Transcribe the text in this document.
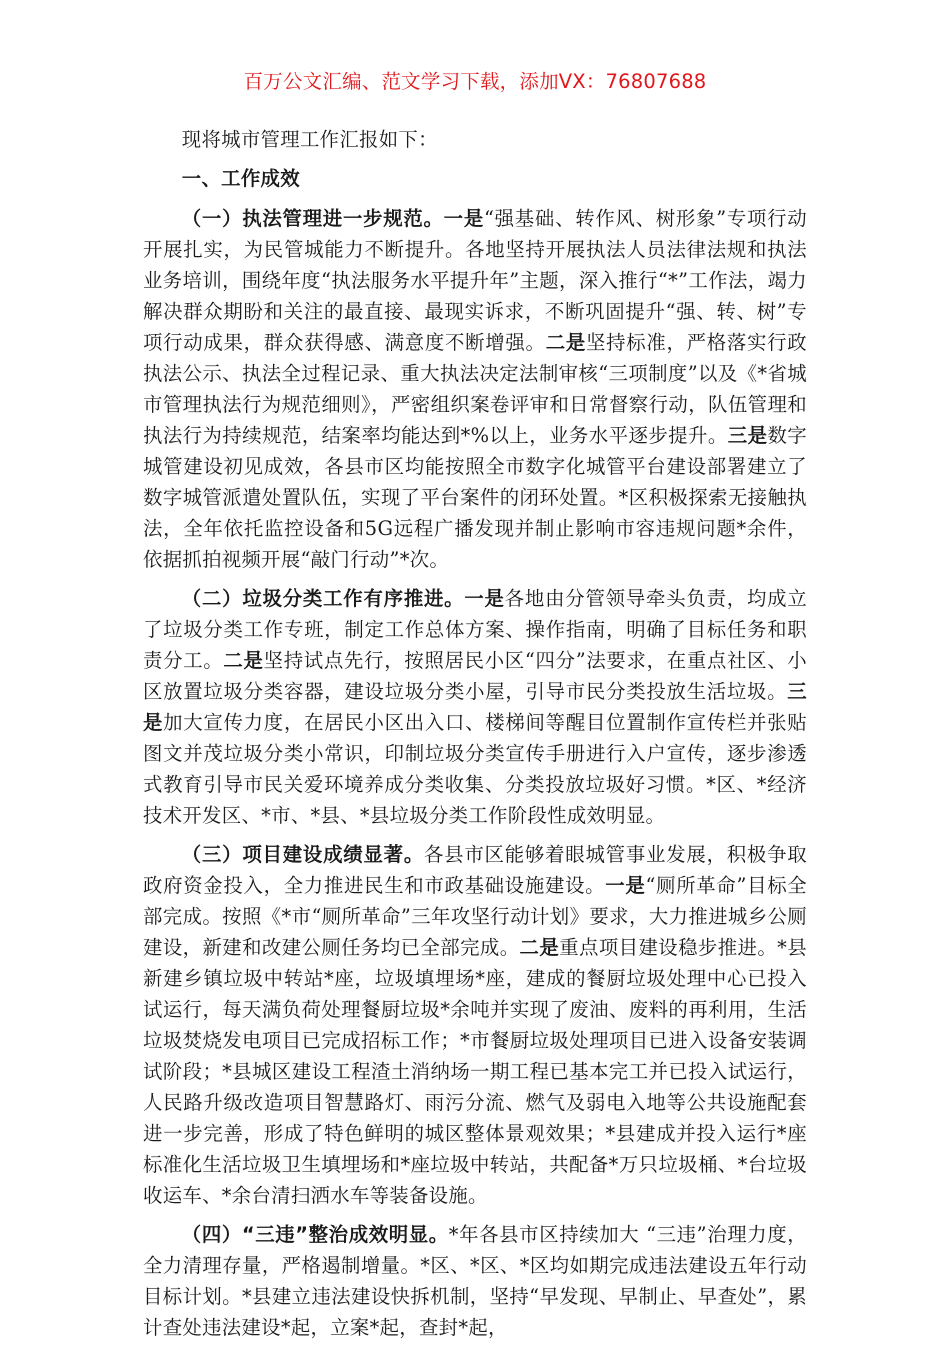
百万公文汇编、范文学习下载，添加VX：76807688

现将城市管理工作汇报如下：

一、工作成效

（一）执法管理进一步规范。一是“强基础、转作风、树形象”专项行动开展扎实，为民管城能力不断提升。各地坚持开展执法人员法律法规和执法业务培训，围绕年度“执法服务水平提升年”主题，深入推行“*”工作法，竭力解决群众期盼和关注的最直接、最现实诉求，不断巩固提升“强、转、树”专项行动成果，群众获得感、满意度不断增强。二是坚持标准，严格落实行政执法公示、执法全过程记录、重大执法决定法制审核“三项制度”以及《*省城市管理执法行为规范细则》，严密组织案卷评审和日常督察行动，队伍管理和执法行为持续规范，结案率均能达到*%以上，业务水平逐步提升。三是数字城管建设初见成效，各县市区均能按照全市数字化城管平台建设部署建立了数字城管派遣处置队伍，实现了平台案件的闭环处置。*区积极探索无接触执法，全年依托监控设备和5G远程广播发现并制止影响市容违规问题*余件，依据抓拍视频开展“敲门行动”*次。

（二）垃圾分类工作有序推进。一是各地由分管领导牵头负责，均成立了垃圾分类工作专班，制定工作总体方案、操作指南，明确了目标任务和职责分工。二是坚持试点先行，按照居民小区“四分”法要求，在重点社区、小区放置垃圾分类容器，建设垃圾分类小屋，引导市民分类投放生活垃圾。三是加大宣传力度，在居民小区出入口、楼梯间等醒目位置制作宣传栏并张贴图文并茂垃圾分类小常识，印制垃圾分类宣传手册进行入户宣传，逐步渗透式教育引导市民关爱环境养成分类收集、分类投放垃圾好习惯。*区、*经济技术开发区、*市、*县、*县垃圾分类工作阶段性成效明显。

（三）项目建设成绩显著。各县市区能够着眼城管事业发展，积极争取政府资金投入，全力推进民生和市政基础设施建设。一是“厕所革命”目标全部完成。按照《*市“厕所革命”三年攻坚行动计划》要求，大力推进城乡公厕建设，新建和改建公厕任务均已全部完成。二是重点项目建设稳步推进。*县新建乡镇垃圾中转站*座，垃圾填埋场*座，建成的餐厨垃圾处理中心已投入试运行，每天满负荷处理餐厨垃圾*余吨并实现了废油、废料的再利用，生活垃圾焚烧发电项目已完成招标工作；*市餐厨垃圾处理项目已进入设备安装调试阶段；*县城区建设工程渣土消纳场一期工程已基本完工并已投入试运行，人民路升级改造项目智慧路灯、雨污分流、燃气及弱电入地等公共设施配套进一步完善，形成了特色鲜明的城区整体景观效果；*县建成并投入运行*座标准化生活垃圾卫生填埋场和*座垃圾中转站，共配备*万只垃圾桶、*台垃圾收运车、*余台清扫洒水车等装备设施。

（四）“三违”整治成效明显。*年各县市区持续加大 “三违”治理力度，全力清理存量，严格遏制增量。*区、*区、*区均如期完成违法建设五年行动目标计划。*县建立违法建设快拆机制，坚持“早发现、早制止、早查处”，累计查处违法建设*起，立案*起，查封*起，
